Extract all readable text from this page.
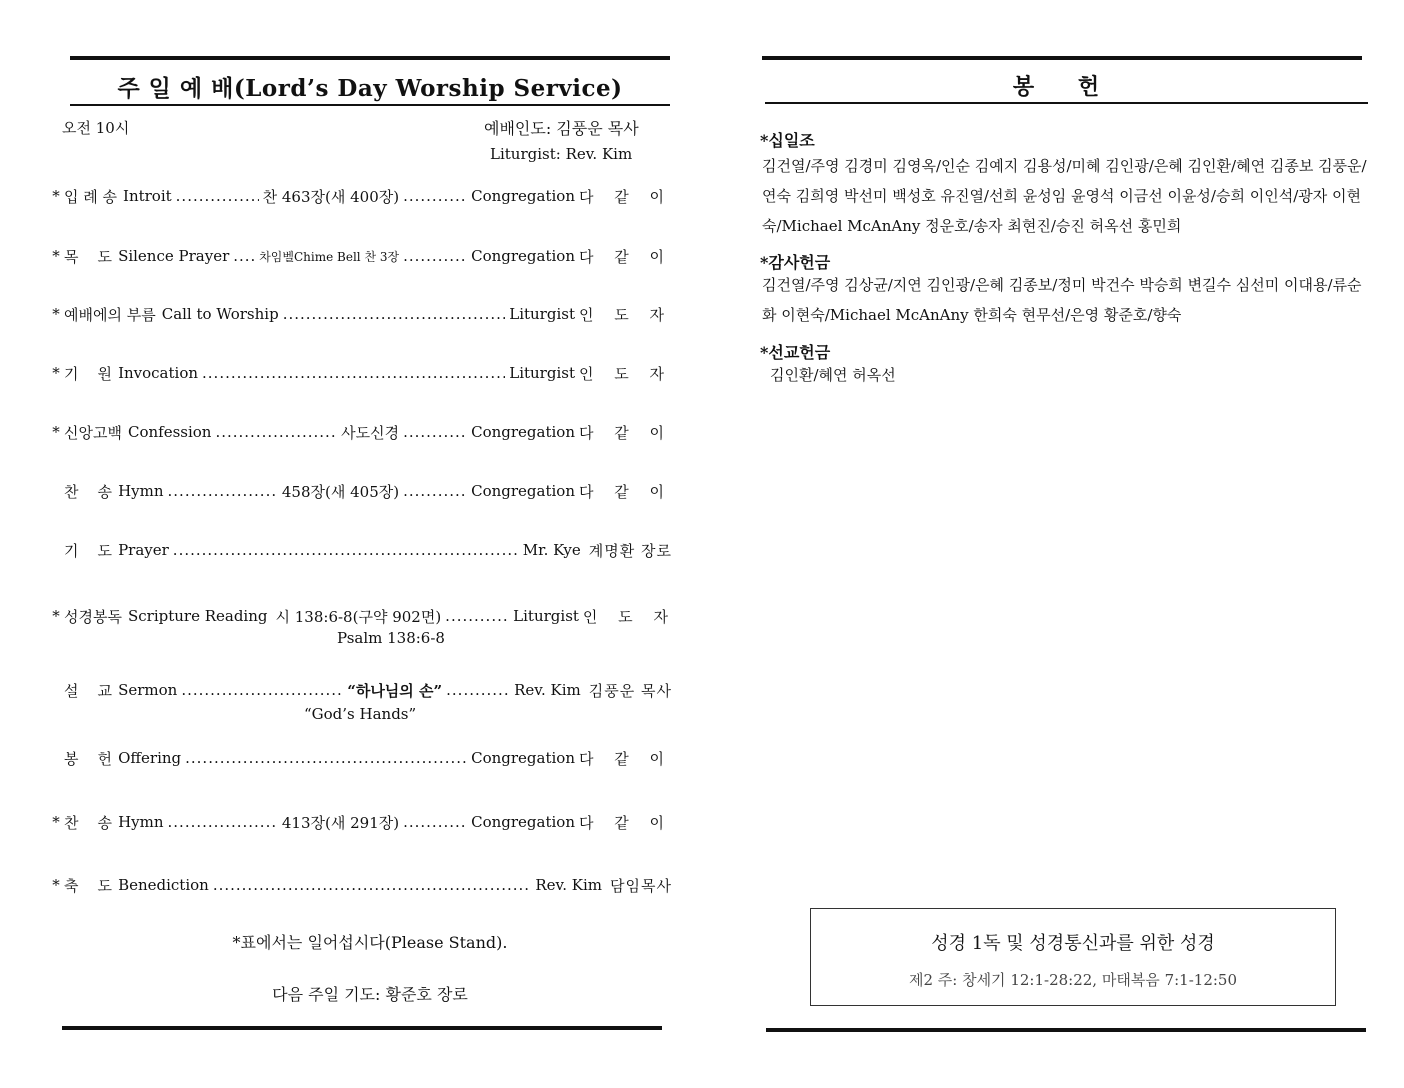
주 일 예 배(Lord’s Day Worship Service)
오전 10시	예배인도: 김풍운 목사
Liturgist: Rev. Kim
* 입 례 송 Introit .....	찬 463장(새 400장) .....	Congregation 다 같 이
* 목    도 Silence Prayer ..... 차임벨Chime Bell 찬 3장 .....	Congregation 다 같 이
* 예배에의 부름 Call to Worship .....	Liturgist 인 도 자
* 기    원 Invocation .....	Liturgist 인 도 자
* 신앙고백 Confession .....	사도신경 .....	Congregation 다 같 이
찬    송 Hymn .....	458장(새 405장) .....	Congregation 다 같 이
기    도 Prayer .....	Mr. Kye 계명환 장로
* 성경봉독 Scripture Reading 시 138:6-8(구약 902면) .....	Liturgist 인 도 자
Psalm 138:6-8
설    교 Sermon .....	“하나님의 손” .....	Rev. Kim 김풍운 목사
“God’s Hands”
봉    헌 Offering .....	Congregation 다 같 이
* 찬    송 Hymn .....	413장(새 291장) .....	Congregation 다 같 이
* 축    도 Benediction .....	Rev. Kim 담임목사
*표에서는 일어섭시다(Please Stand).
다음 주일 기도: 황준호 장로
봉 헌
*십일조
김건열/주영 김경미 김영옥/인순 김예지 김용성/미혜 김인광/은혜 김인환/혜연 김종보 김풍운/연숙 김희영 박선미 백성호 유진열/선희 윤성임 윤영석 이금선 이윤성/승희 이인석/광자 이현숙/Michael McAnAny 정운호/송자 최현진/승진 허옥선 홍민희
*감사헌금
김건열/주영 김상균/지연 김인광/은혜 김종보/정미 박건수 박승희 변길수 심선미 이대용/류순화 이현숙/Michael McAnAny 한희숙 현무선/은영 황준호/향숙
*선교헌금
김인환/혜연 허옥선
성경 1독 및 성경통신과를 위한 성경
제2 주: 창세기 12:1-28:22, 마태복음 7:1-12:50
